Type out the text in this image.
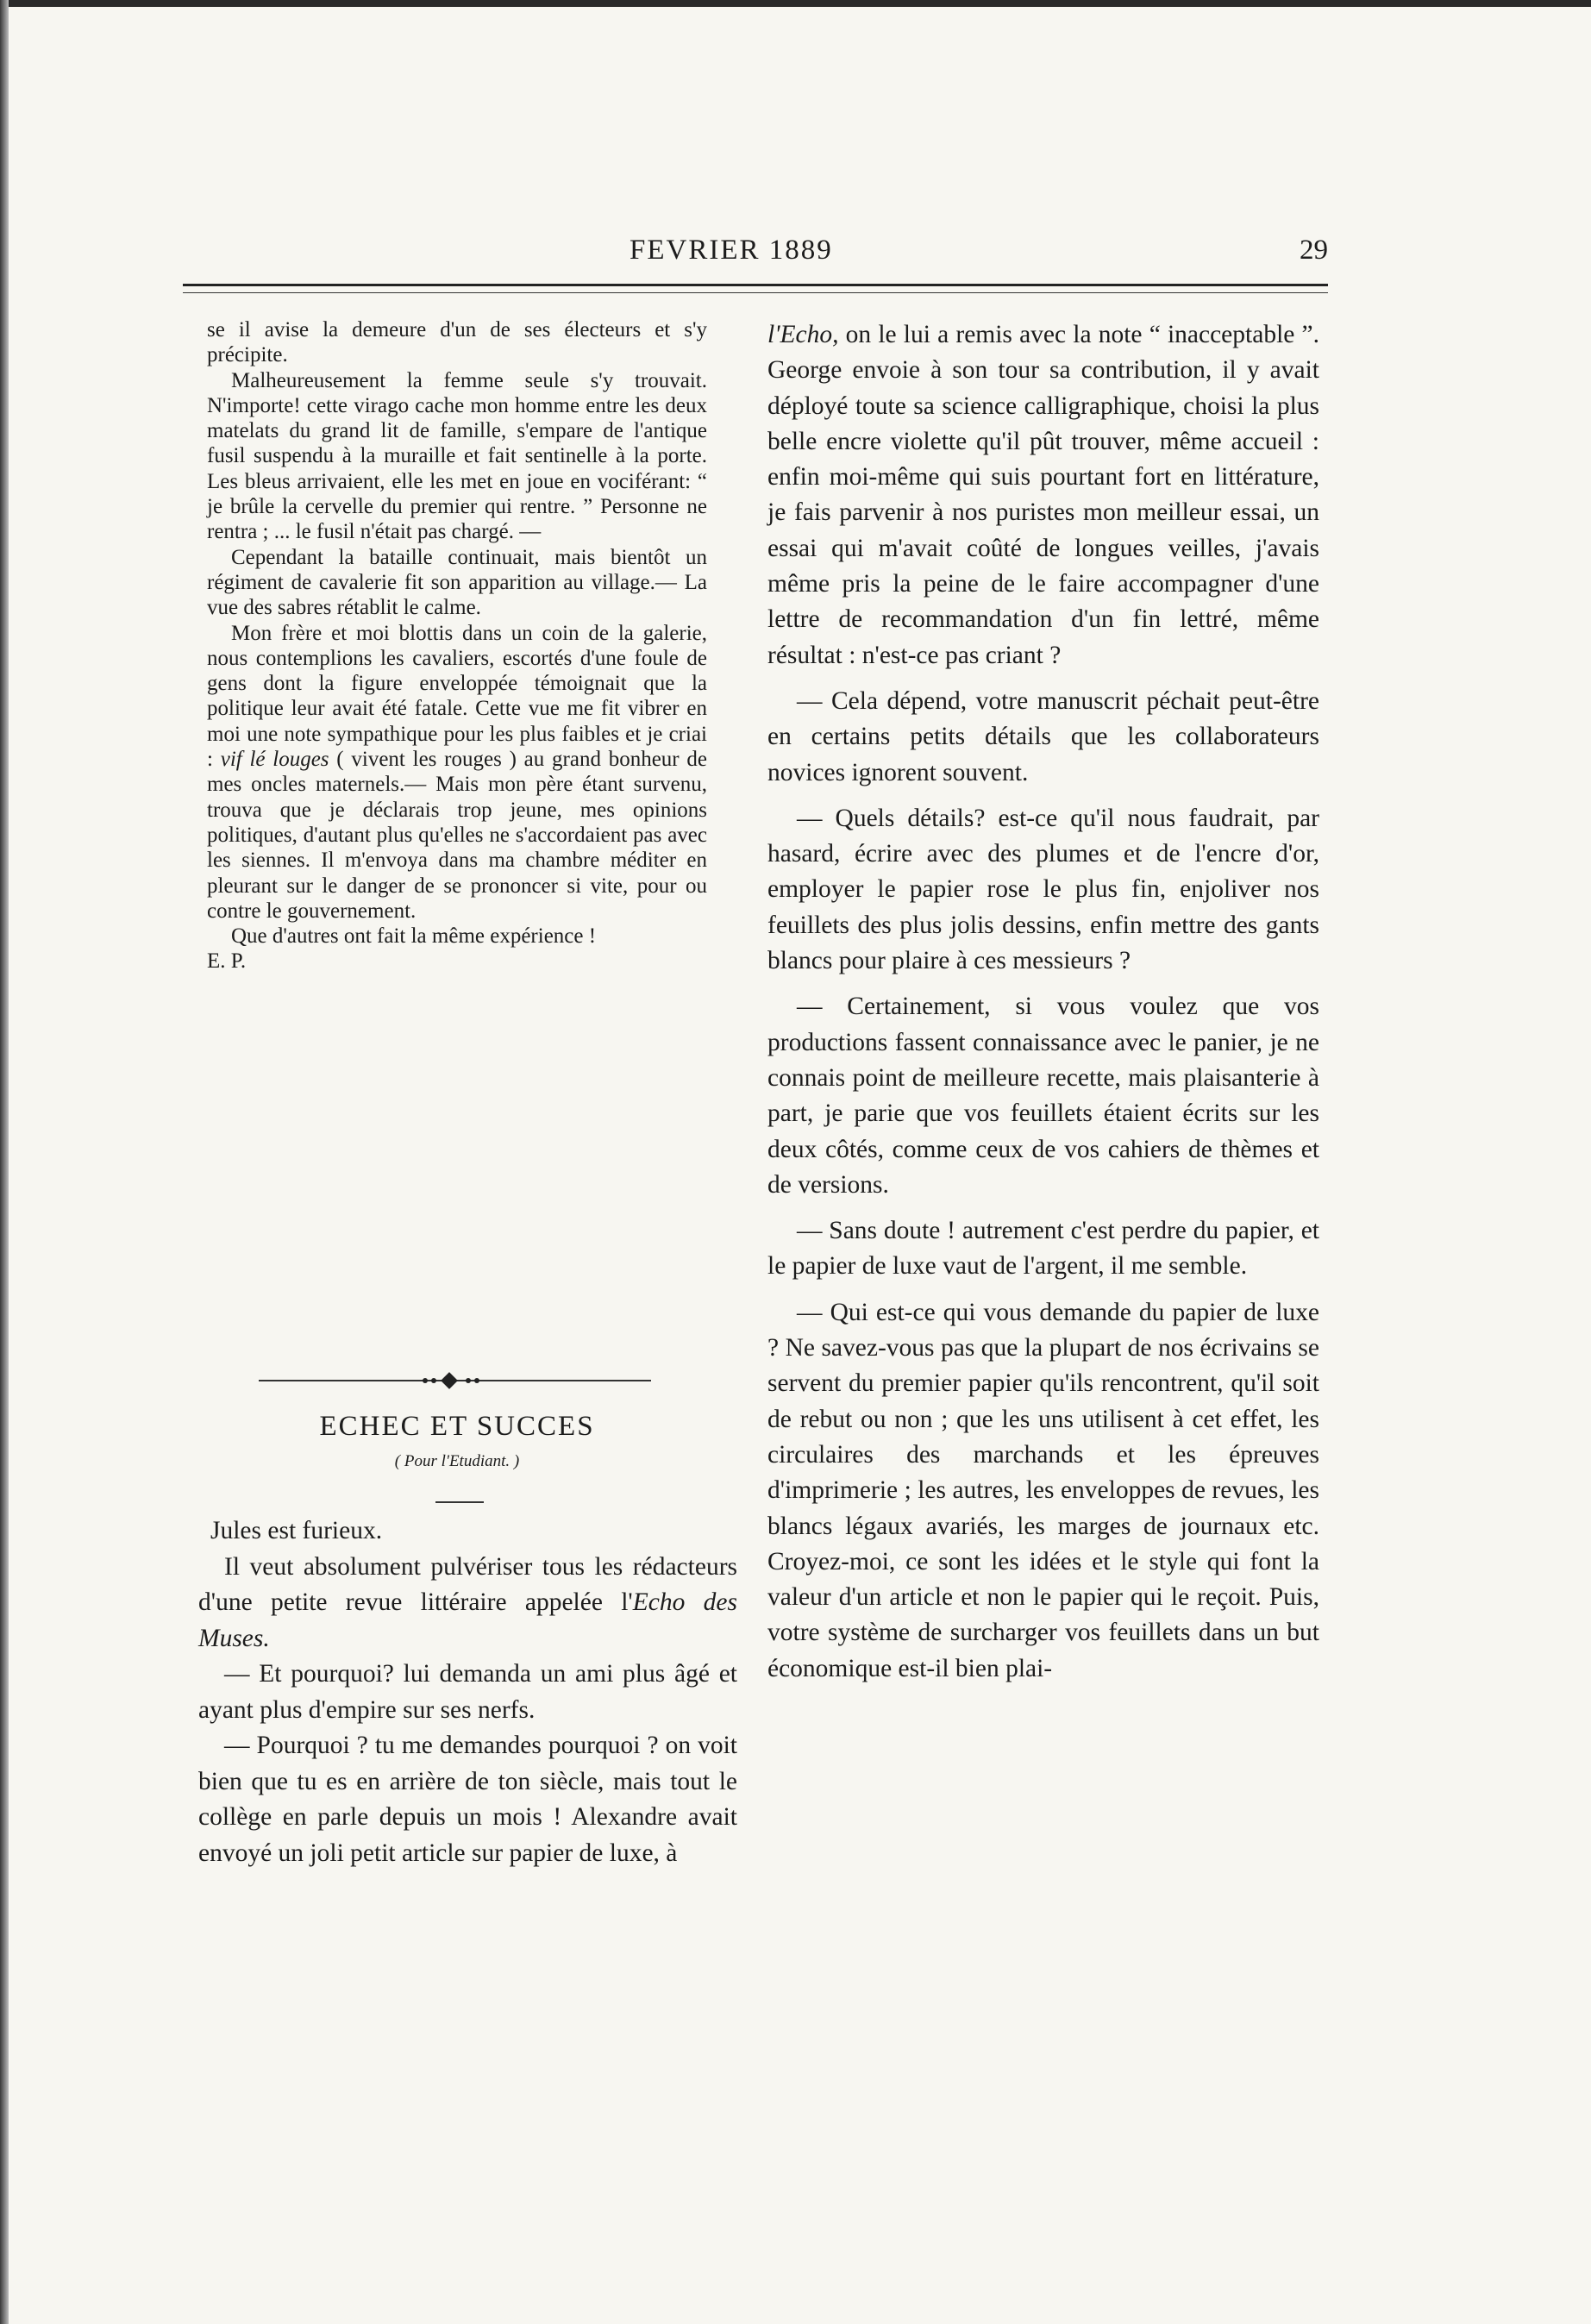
FEVRIER 1889	29

se il avise la demeure d'un de ses électeurs et s'y précipite.

Malheureusement la femme seule s'y trouvait. N'importe! cette virago cache mon homme entre les deux matelats du grand lit de famille, s'empare de l'antique fusil suspendu à la muraille et fait sentinelle à la porte. Les bleus arrivaient, elle les met en joue en vociférant: “ je brûle la cervelle du premier qui rentre. ” Personne ne rentra ; ... le fusil n'était pas chargé. —

Cependant la bataille continuait, mais bientôt un régiment de cavalerie fit son apparition au village.— La vue des sabres rétablit le calme.

Mon frère et moi blottis dans un coin de la galerie, nous contemplions les cavaliers, escortés d'une foule de gens dont la figure enveloppée témoignait que la politique leur avait été fatale. Cette vue me fit vibrer en moi une note sympathique pour les plus faibles et je criai : vif lé louges ( vivent les rouges ) au grand bonheur de mes oncles maternels.— Mais mon père étant survenu, trouva que je déclarais trop jeune, mes opinions politiques, d'autant plus qu'elles ne s'accordaient pas avec les siennes. Il m'envoya dans ma chambre méditer en pleurant sur le danger de se prononcer si vite, pour ou contre le gouvernement.

Que d'autres ont fait la même expérience !

E. P.

ECHEC ET SUCCES
( Pour l'Etudiant. )

Jules est furieux.

Il veut absolument pulvériser tous les rédacteurs d'une petite revue littéraire appelée l'Echo des Muses.

— Et pourquoi? lui demanda un ami plus âgé et ayant plus d'empire sur ses nerfs.

— Pourquoi ? tu me demandes pourquoi ? on voit bien que tu es en arrière de ton siècle, mais tout le collège en parle depuis un mois ! Alexandre avait envoyé un joli petit article sur papier de luxe, à

l'Echo, on le lui a remis avec la note “ inacceptable ”. George envoie à son tour sa contribution, il y avait déployé toute sa science calligraphique, choisi la plus belle encre violette qu'il pût trouver, même accueil : enfin moi-même qui suis pourtant fort en littérature, je fais parvenir à nos puristes mon meilleur essai, un essai qui m'avait coûté de longues veilles, j'avais même pris la peine de le faire accompagner d'une lettre de recommandation d'un fin lettré, même résultat : n'est-ce pas criant ?

— Cela dépend, votre manuscrit péchait peut-être en certains petits détails que les collaborateurs novices ignorent souvent.

— Quels détails? est-ce qu'il nous faudrait, par hasard, écrire avec des plumes et de l'encre d'or, employer le papier rose le plus fin, enjoliver nos feuillets des plus jolis dessins, enfin mettre des gants blancs pour plaire à ces messieurs ?

— Certainement, si vous voulez que vos productions fassent connaissance avec le panier, je ne connais point de meilleure recette, mais plaisanterie à part, je parie que vos feuillets étaient écrits sur les deux côtés, comme ceux de vos cahiers de thèmes et de versions.

— Sans doute ! autrement c'est perdre du papier, et le papier de luxe vaut de l'argent, il me semble.

— Qui est-ce qui vous demande du papier de luxe ? Ne savez-vous pas que la plupart de nos écrivains se servent du premier papier qu'ils rencontrent, qu'il soit de rebut ou non ; que les uns utilisent à cet effet, les circulaires des marchands et les épreuves d'imprimerie ; les autres, les enveloppes de revues, les blancs légaux avariés, les marges de journaux etc. Croyez-moi, ce sont les idées et le style qui font la valeur d'un article et non le papier qui le reçoit. Puis, votre système de surcharger vos feuillets dans un but économique est-il bien plai-
